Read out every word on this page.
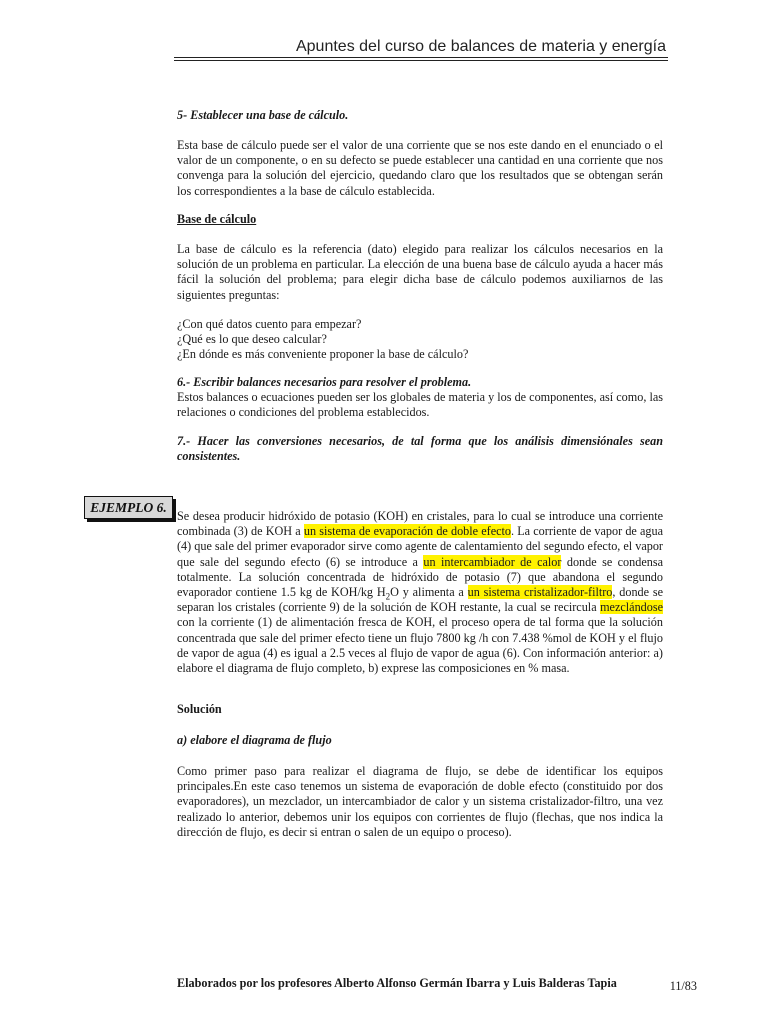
Apuntes del curso de balances de materia y energía
5- Establecer una base de cálculo.
Esta base de cálculo puede ser el valor de una corriente que se nos este dando en el enunciado o el valor de un componente, o en su defecto se puede establecer una cantidad en una corriente que nos convenga para la solución del ejercicio, quedando claro que los resultados que se obtengan serán los correspondientes a la base de cálculo establecida.
Base de cálculo
La base de cálculo es la referencia (dato) elegido para realizar los cálculos necesarios en la solución de un problema en particular. La elección de una buena base de cálculo ayuda a hacer más fácil la solución del problema; para elegir dicha base de cálculo podemos auxiliarnos de las siguientes preguntas:
¿Con qué datos cuento para empezar?
¿Qué es lo que deseo calcular?
¿En dónde es más conveniente proponer la base de cálculo?
6.- Escribir balances necesarios para resolver el problema.
Estos balances o ecuaciones pueden ser los globales de materia y los de componentes, así como, las relaciones o condiciones del problema establecidos.
7.- Hacer las conversiones necesarios, de tal forma que los análisis dimensiónales sean consistentes.
Se desea producir hidróxido de potasio (KOH) en cristales, para lo cual se introduce una corriente combinada (3) de KOH a un sistema de evaporación de doble efecto. La corriente de vapor de agua (4) que sale del primer evaporador sirve como agente de calentamiento del segundo efecto, el vapor que sale del segundo efecto (6) se introduce a un intercambiador de calor donde se condensa totalmente. La solución concentrada de hidróxido de potasio (7) que abandona el segundo evaporador contiene 1.5 kg de KOH/kg $H_2O$ y alimenta a un sistema cristalizador-filtro, donde se separan los cristales (corriente 9) de la solución de KOH restante, la cual se recircula mezclándose con la corriente (1) de alimentación fresca de KOH, el proceso opera de tal forma que la solución concentrada que sale del primer efecto tiene un flujo 7800 kg /h con 7.438 %mol de KOH y el flujo de vapor de agua (4) es igual a 2.5 veces al flujo de vapor de agua (6). Con información anterior: a) elabore el diagrama de flujo completo, b) exprese las composiciones en % masa.
Solución
a) elabore el diagrama de flujo
Como primer paso para realizar el diagrama de flujo, se debe de identificar los equipos principales.En este caso tenemos un sistema de evaporación de doble efecto (constituido por dos evaporadores), un mezclador, un intercambiador de calor y un sistema cristalizador-filtro, una vez realizado lo anterior, debemos unir los equipos con corrientes de flujo (flechas, que nos indica la dirección de flujo, es decir si entran o salen de un equipo o proceso).
EJEMPLO 6.
Elaborados por los profesores Alberto Alfonso Germán Ibarra y Luis Balderas Tapia	11/83
